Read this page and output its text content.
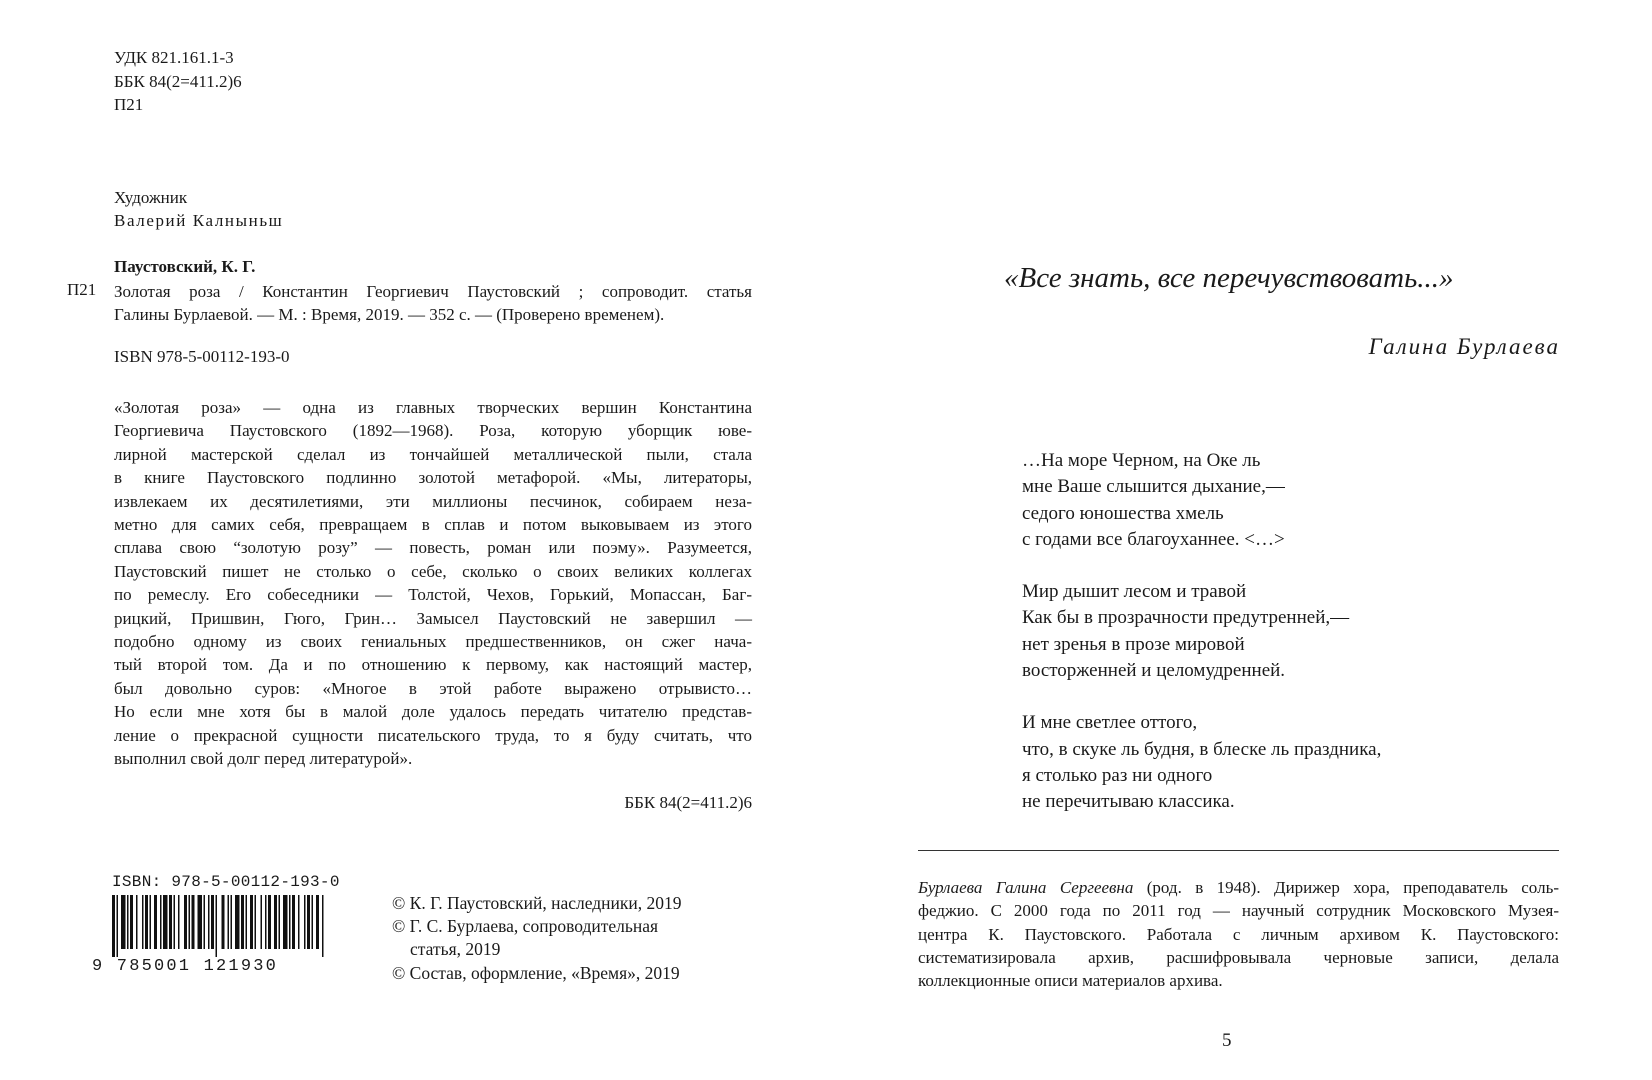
УДК 821.161.1-3
ББК 84(2=411.2)6
П21
Художник
Валерий Калныньш
Паустовский, К. Г.
П21 Золотая роза / Константин Георгиевич Паустовский ; сопроводит. статья
Галины Бурлаевой. — М. : Время, 2019. — 352 с. — (Проверено временем).
ISBN 978-5-00112-193-0
«Золотая роза» — одна из главных творческих вершин Константина
Георгиевича Паустовского (1892—1968). Роза, которую уборщик юве-
лирной мастерской сделал из тончайшей металлической пыли, стала
в книге Паустовского подлинно золотой метафорой. «Мы, литераторы,
извлекаем их десятилетиями, эти миллионы песчинок, собираем неза-
метно для самих себя, превращаем в сплав и потом выковываем из этого
сплава свою “золотую розу” — повесть, роман или поэму». Разумеется,
Паустовский пишет не столько о себе, сколько о своих великих коллегах
по ремеслу. Его собеседники — Толстой, Чехов, Горький, Мопассан, Баг-
рицкий, Пришвин, Гюго, Грин… Замысел Паустовский не завершил —
подобно одному из своих гениальных предшественников, он сжег нача-
тый второй том. Да и по отношению к первому, как настоящий мастер,
был довольно суров: «Многое в этой работе выражено отрывисто…
Но если мне хотя бы в малой доле удалось передать читателю представ-
ление о прекрасной сущности писательского труда, то я буду считать, что
выполнил свой долг перед литературой».
ББК 84(2=411.2)6
ISBN: 978-5-00112-193-0
9 785001 121930
© К. Г. Паустовский, наследники, 2019
© Г. С. Бурлаева, сопроводительная
статья, 2019
© Состав, оформление, «Время», 2019
«Все знать, все перечувствовать...»
Галина Бурлаева
…На море Черном, на Оке ль
мне Ваше слышится дыхание,—
седого юношества хмель
с годами все благоуханнее. <…>
Мир дышит лесом и травой
Как бы в прозрачности предутренней,—
нет зренья в прозе мировой
восторженней и целомудренней.
И мне светлее оттого,
что, в скуке ль будня, в блеске ль праздника,
я столько раз ни одного
не перечитываю классика.
Бурлаева Галина Сергеевна (род. в 1948). Дирижер хора, преподаватель соль-
феджио. С 2000 года по 2011 год — научный сотрудник Московского Музея-
центра К. Паустовского. Работала с личным архивом К. Паустовского:
систематизировала архив, расшифровывала черновые записи, делала
коллекционные описи материалов архива.
5
